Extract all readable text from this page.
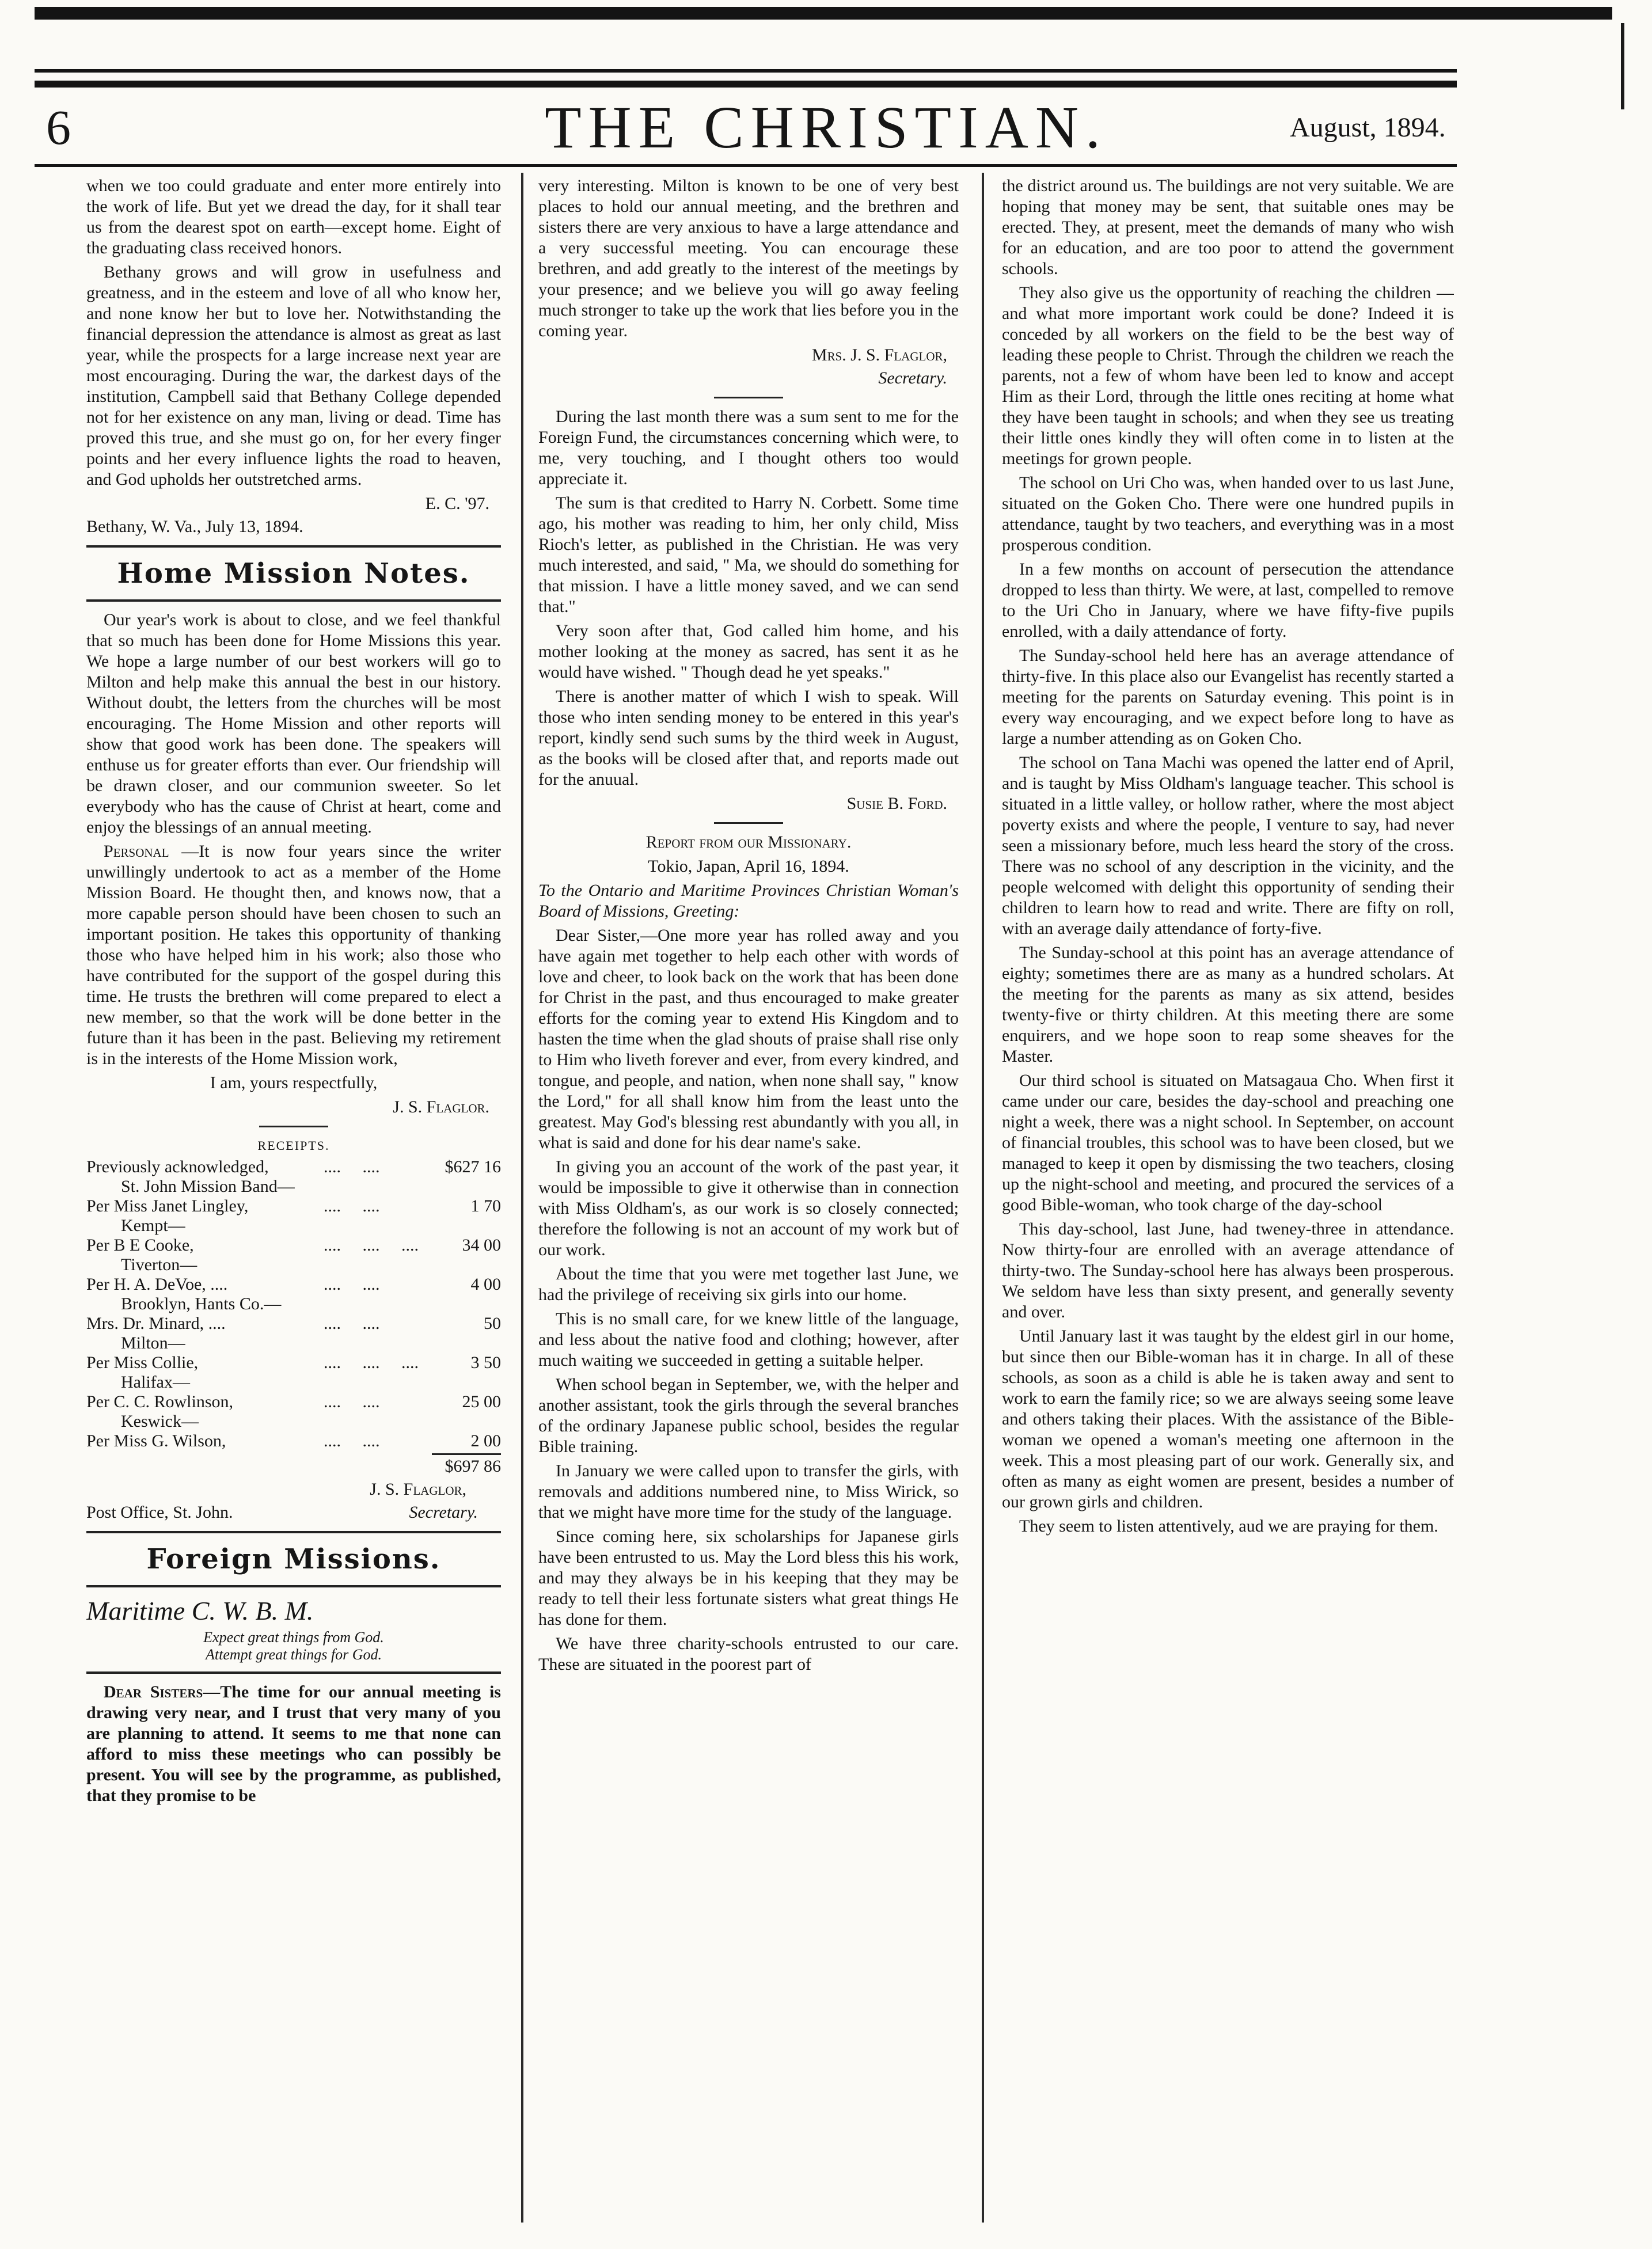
6	THE CHRISTIAN.	August, 1894.

when we too could graduate and enter more entirely into the work of life. But yet we dread the day, for it shall tear us from the dearest spot on earth—except home. Eight of the graduating class received honors.

Bethany grows and will grow in usefulness and greatness, and in the esteem and love of all who know her, and none know her but to love her. Notwithstanding the financial depression the attendance is almost as great as last year, while the prospects for a large increase next year are most encouraging. During the war, the darkest days of the institution, Campbell said that Bethany College depended not for her existence on any man, living or dead. Time has proved this true, and she must go on, for her every finger points and her every influence lights the road to heaven, and God upholds her outstretched arms.

E. C. '97.

Bethany, W. Va., July 13, 1894.

Home Mission Notes.

Our year's work is about to close, and we feel thankful that so much has been done for Home Missions this year. We hope a large number of our best workers will go to Milton and help make this annual the best in our history. Without doubt, the letters from the churches will be most encouraging. The Home Mission and other reports will show that good work has been done. The speakers will enthuse us for greater efforts than ever. Our friendship will be drawn closer, and our communion sweeter. So let everybody who has the cause of Christ at heart, come and enjoy the blessings of an annual meeting.

Personal —It is now four years since the writer unwillingly undertook to act as a member of the Home Mission Board. He thought then, and knows now, that a more capable person should have been chosen to such an important position. He takes this opportunity of thanking those who have helped him in his work; also those who have contributed for the support of the gospel during this time. He trusts the brethren will come prepared to elect a new member, so that the work will be done better in the future than it has been in the past. Believing my retirement is in the interests of the Home Mission work,

I am, yours respectfully,

J. S. Flaglor.

RECEIPTS.

Previously acknowledged,	....     ....	$627 16
St. John Mission Band—		
Per Miss Janet Lingley,	....     ....	1 70
Kempt—		
Per B E Cooke,	....     ....     ....	34 00
Tiverton—		
Per H. A. DeVoe, ....	....     ....	4 00
Brooklyn, Hants Co.—		
Mrs. Dr. Minard, ....	....     ....	50
Milton—		
Per Miss Collie,	....     ....     ....	3 50
Halifax—		
Per C. C. Rowlinson,	....     ....	25 00
Keswick—		
Per Miss G. Wilson,	....     ....	2 00

$697 86

J. S. Flaglor,

Post Office, St. John.	Secretary.
Foreign Missions.

Maritime C. W. B. M.

Expect great things from God.

Attempt great things for God.

Dear Sisters—The time for our annual meeting is drawing very near, and I trust that very many of you are planning to attend. It seems to me that none can afford to miss these meetings who can possibly be present. You will see by the programme, as published, that they promise to be

very interesting. Milton is known to be one of very best places to hold our annual meeting, and the brethren and sisters there are very anxious to have a large attendance and a very successful meeting. You can encourage these brethren, and add greatly to the interest of the meetings by your presence; and we believe you will go away feeling much stronger to take up the work that lies before you in the coming year.

Mrs. J. S. Flaglor,

Secretary.

During the last month there was a sum sent to me for the Foreign Fund, the circumstances concerning which were, to me, very touching, and I thought others too would appreciate it.

The sum is that credited to Harry N. Corbett. Some time ago, his mother was reading to him, her only child, Miss Rioch's letter, as published in the Christian. He was very much interested, and said, " Ma, we should do something for that mission. I have a little money saved, and we can send that."

Very soon after that, God called him home, and his mother looking at the money as sacred, has sent it as he would have wished. " Though dead he yet speaks."

There is another matter of which I wish to speak. Will those who inten sending money to be entered in this year's report, kindly send such sums by the third week in August, as the books will be closed after that, and reports made out for the anuual.

Susie B. Ford.

Report from our Missionary.

Tokio, Japan, April 16, 1894.

To the Ontario and Maritime Provinces Christian Woman's Board of Missions, Greeting:

Dear Sister,—One more year has rolled away and you have again met together to help each other with words of love and cheer, to look back on the work that has been done for Christ in the past, and thus encouraged to make greater efforts for the coming year to extend His Kingdom and to hasten the time when the glad shouts of praise shall rise only to Him who liveth forever and ever, from every kindred, and tongue, and people, and nation, when none shall say, " know the Lord," for all shall know him from the least unto the greatest. May God's blessing rest abundantly with you all, in what is said and done for his dear name's sake.

In giving you an account of the work of the past year, it would be impossible to give it otherwise than in connection with Miss Oldham's, as our work is so closely connected; therefore the following is not an account of my work but of our work.

About the time that you were met together last June, we had the privilege of receiving six girls into our home.

This is no small care, for we knew little of the language, and less about the native food and clothing; however, after much waiting we succeeded in getting a suitable helper.

When school began in September, we, with the helper and another assistant, took the girls through the several branches of the ordinary Japanese public school, besides the regular Bible training.

In January we were called upon to transfer the girls, with removals and additions numbered nine, to Miss Wirick, so that we might have more time for the study of the language.

Since coming here, six scholarships for Japanese girls have been entrusted to us. May the Lord bless this his work, and may they always be in his keeping that they may be ready to tell their less fortunate sisters what great things He has done for them.

We have three charity-schools entrusted to our care. These are situated in the poorest part of

the district around us. The buildings are not very suitable. We are hoping that money may be sent, that suitable ones may be erected. They, at present, meet the demands of many who wish for an education, and are too poor to attend the government schools.

They also give us the opportunity of reaching the children — and what more important work could be done? Indeed it is conceded by all workers on the field to be the best way of leading these people to Christ. Through the children we reach the parents, not a few of whom have been led to know and accept Him as their Lord, through the little ones reciting at home what they have been taught in schools; and when they see us treating their little ones kindly they will often come in to listen at the meetings for grown people.

The school on Uri Cho was, when handed over to us last June, situated on the Goken Cho. There were one hundred pupils in attendance, taught by two teachers, and everything was in a most prosperous condition.

In a few months on account of persecution the attendance dropped to less than thirty. We were, at last, compelled to remove to the Uri Cho in January, where we have fifty-five pupils enrolled, with a daily attendance of forty.

The Sunday-school held here has an average attendance of thirty-five. In this place also our Evangelist has recently started a meeting for the parents on Saturday evening. This point is in every way encouraging, and we expect before long to have as large a number attending as on Goken Cho.

The school on Tana Machi was opened the latter end of April, and is taught by Miss Oldham's language teacher. This school is situated in a little valley, or hollow rather, where the most abject poverty exists and where the people, I venture to say, had never seen a missionary before, much less heard the story of the cross. There was no school of any description in the vicinity, and the people welcomed with delight this opportunity of sending their children to learn how to read and write. There are fifty on roll, with an average daily attendance of forty-five.

The Sunday-school at this point has an average attendance of eighty; sometimes there are as many as a hundred scholars. At the meeting for the parents as many as six attend, besides twenty-five or thirty children. At this meeting there are some enquirers, and we hope soon to reap some sheaves for the Master.

Our third school is situated on Matsagaua Cho. When first it came under our care, besides the day-school and preaching one night a week, there was a night school. In September, on account of financial troubles, this school was to have been closed, but we managed to keep it open by dismissing the two teachers, closing up the night-school and meeting, and procured the services of a good Bible-woman, who took charge of the day-school

This day-school, last June, had tweney-three in attendance. Now thirty-four are enrolled with an average attendance of thirty-two. The Sunday-school here has always been prosperous. We seldom have less than sixty present, and generally seventy and over.

Until January last it was taught by the eldest girl in our home, but since then our Bible-woman has it in charge. In all of these schools, as soon as a child is able he is taken away and sent to work to earn the family rice; so we are always seeing some leave and others taking their places. With the assistance of the Bible-woman we opened a woman's meeting one afternoon in the week. This a most pleasing part of our work. Generally six, and often as many as eight women are present, besides a number of our grown girls and children.

They seem to listen attentively, aud we are praying for them.
